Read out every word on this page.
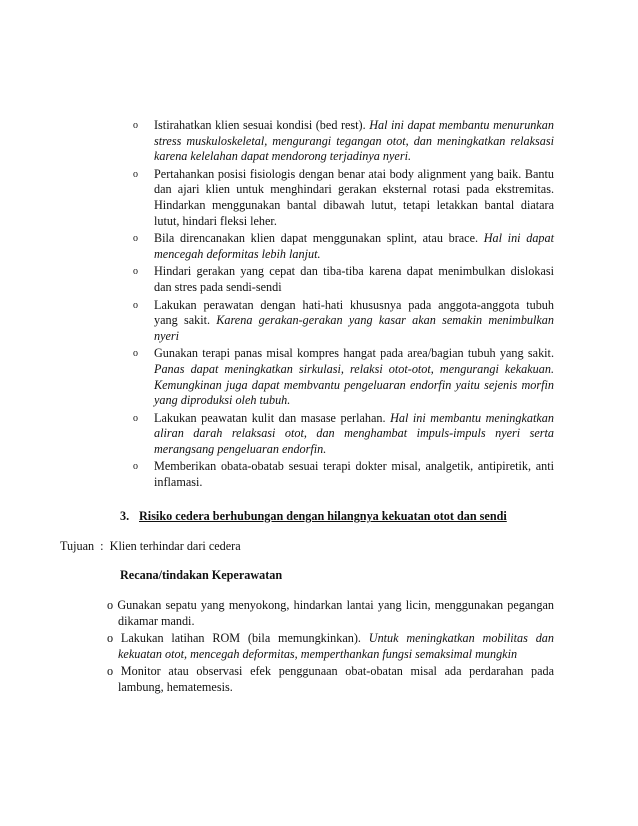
o Istirahatkan klien sesuai kondisi (bed rest). Hal ini dapat membantu menurunkan stress muskuloskeletal, mengurangi tegangan otot, dan meningkatkan relaksasi karena kelelahan dapat mendorong terjadinya nyeri.
o Pertahankan posisi fisiologis dengan benar atai body alignment yang baik. Bantu dan ajari klien untuk menghindari gerakan eksternal rotasi pada ekstremitas. Hindarkan menggunakan bantal dibawah lutut, tetapi letakkan bantal diatara lutut, hindari fleksi leher.
o Bila direncanakan klien dapat menggunakan splint, atau brace. Hal ini dapat mencegah deformitas lebih lanjut.
o Hindari gerakan yang cepat dan tiba-tiba karena dapat menimbulkan dislokasi dan stres pada sendi-sendi
o Lakukan perawatan dengan hati-hati khususnya pada anggota-anggota tubuh yang sakit. Karena gerakan-gerakan yang kasar akan semakin menimbulkan nyeri
o Gunakan terapi panas misal kompres hangat pada area/bagian tubuh yang sakit. Panas dapat meningkatkan sirkulasi, relaksi otot-otot, mengurangi kekakuan. Kemungkinan juga dapat membvantu pengeluaran endorfin yaitu sejenis morfin yang diproduksi oleh tubuh.
o Lakukan peawatan kulit dan masase perlahan. Hal ini membantu meningkatkan aliran darah relaksasi otot, dan menghambat impuls-impuls nyeri serta merangsang pengeluaran endorfin.
o Memberikan obata-obatab sesuai terapi dokter misal, analgetik, antipiretik, anti inflamasi.
3. Risiko cedera berhubungan dengan hilangnya kekuatan otot dan sendi
Tujuan  :  Klien terhindar dari cedera
Recana/tindakan Keperawatan
o Gunakan sepatu yang menyokong, hindarkan lantai yang licin, menggunakan pegangan dikamar mandi.
o Lakukan latihan ROM (bila memungkinkan). Untuk meningkatkan mobilitas dan kekuatan otot, mencegah deformitas, memperthankan fungsi semaksimal mungkin
o Monitor atau observasi efek penggunaan obat-obatan misal ada perdarahan pada lambung, hematemesis.
